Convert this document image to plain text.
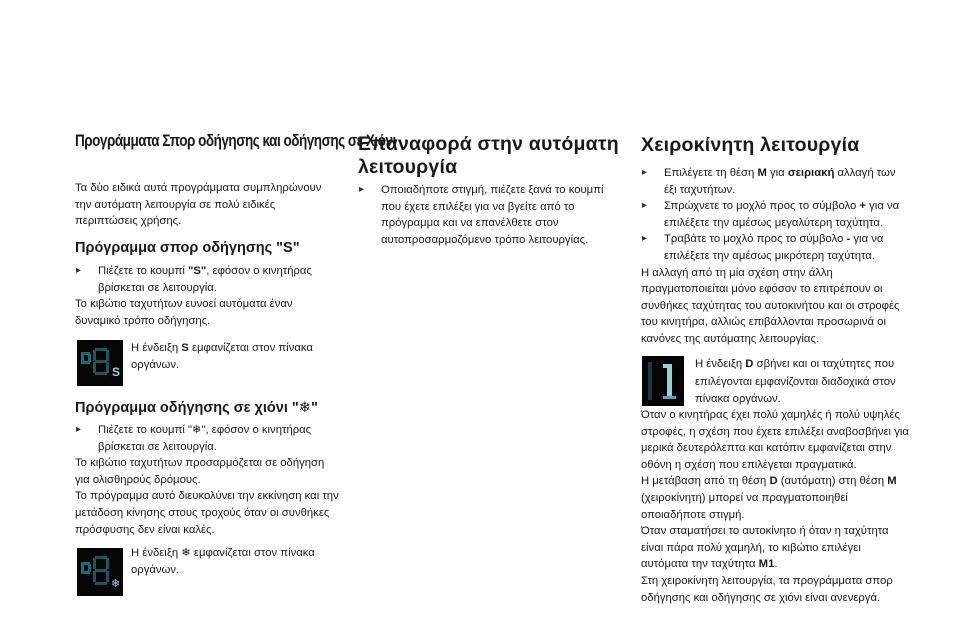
Προγράμματα Σπορ οδήγησης και οδήγησης σε Χιόνι
Τα δύο ειδικά αυτά προγράμματα συμπληρώνουν την αυτόματη λειτουργία σε πολύ ειδικές περιπτώσεις χρήσης.
Πρόγραμμα σπορ οδήγησης "S"
▸ Πιέζετε το κουμπί "S", εφόσον ο κινητήρας βρίσκεται σε λειτουργία.
Το κιβώτιο ταχυτήτων ευνοεί αυτόματα έναν δυναμικό τρόπο οδήγησης.
S
Η ένδειξη S εμφανίζεται στον πίνακα οργάνων.
Πρόγραμμα οδήγησης σε χιόνι "❄"
▸ Πιέζετε το κουμπί "❄", εφόσον ο κινητήρας βρίσκεται σε λειτουργία.
Το κιβώτιο ταχυτήτων προσαρμόζεται σε οδήγηση για ολισθηρούς δρόμους.
Το πρόγραμμα αυτό διευκολύνει την εκκίνηση και την μετάδοση κίνησης στους τροχούς όταν οι συνθήκες πρόσφυσης δεν είναι καλές.
❄
Η ένδειξη ❄ εμφανίζεται στον πίνακα οργάνων.
Επαναφορά στην αυτόματη
λειτουργία
▸ Οποιαδήποτε στιγμή, πιέζετε ξανά το κουμπί που έχετε επιλέξει για να βγείτε από το πρόγραμμα και να επανέλθετε στον αυτοπροσαρμοζόμενο τρόπο λειτουργίας.
Χειροκίνητη λειτουργία
▸ Επιλέγετε τη θέση M για σειριακή αλλαγή των έξι ταχυτήτων.
▸ Σπρώχνετε το μοχλό προς το σύμβολο + για να επιλέξετε την αμέσως μεγαλύτερη ταχύτητα.
▸ Τραβάτε το μοχλό προς το σύμβολο - για να επιλέξετε την αμέσως μικρότερη ταχύτητα.
Η αλλαγή από τη μία σχέση στην άλλη πραγματοποιείται μόνο εφόσον το επιτρέπουν οι συνθήκες ταχύτητας του αυτοκινήτου και οι στροφές του κινητήρα, αλλιώς επιβάλλονται προσωρινά οι κανόνες της αυτόματης λειτουργίας.
Η ένδειξη D σβήνει και οι ταχύτητες που επιλέγονται εμφανίζονται διαδοχικά στον πίνακα οργάνων.
Όταν ο κινητήρας έχει πολύ χαμηλές ή πολύ υψηλές στροφές, η σχέση που έχετε επιλέξει αναβοσβήνει για μερικά δευτερόλεπτα και κατόπιν εμφανίζεται στην οθόνη η σχέση που επιλέγεται πραγματικά.
Η μετάβαση από τη θέση D (αυτόματη) στη θέση M (χειροκίνητη) μπορεί να πραγματοποιηθεί οποιαδήποτε στιγμή.
Όταν σταματήσει το αυτοκίνητο ή όταν η ταχύτητα είναι πάρα πολύ χαμηλή, το κιβώτιο επιλέγει αυτόματα την ταχύτητα M1.
Στη χειροκίνητη λειτουργία, τα προγράμματα σπορ οδήγησης και οδήγησης σε χιόνι είναι ανενεργά.
